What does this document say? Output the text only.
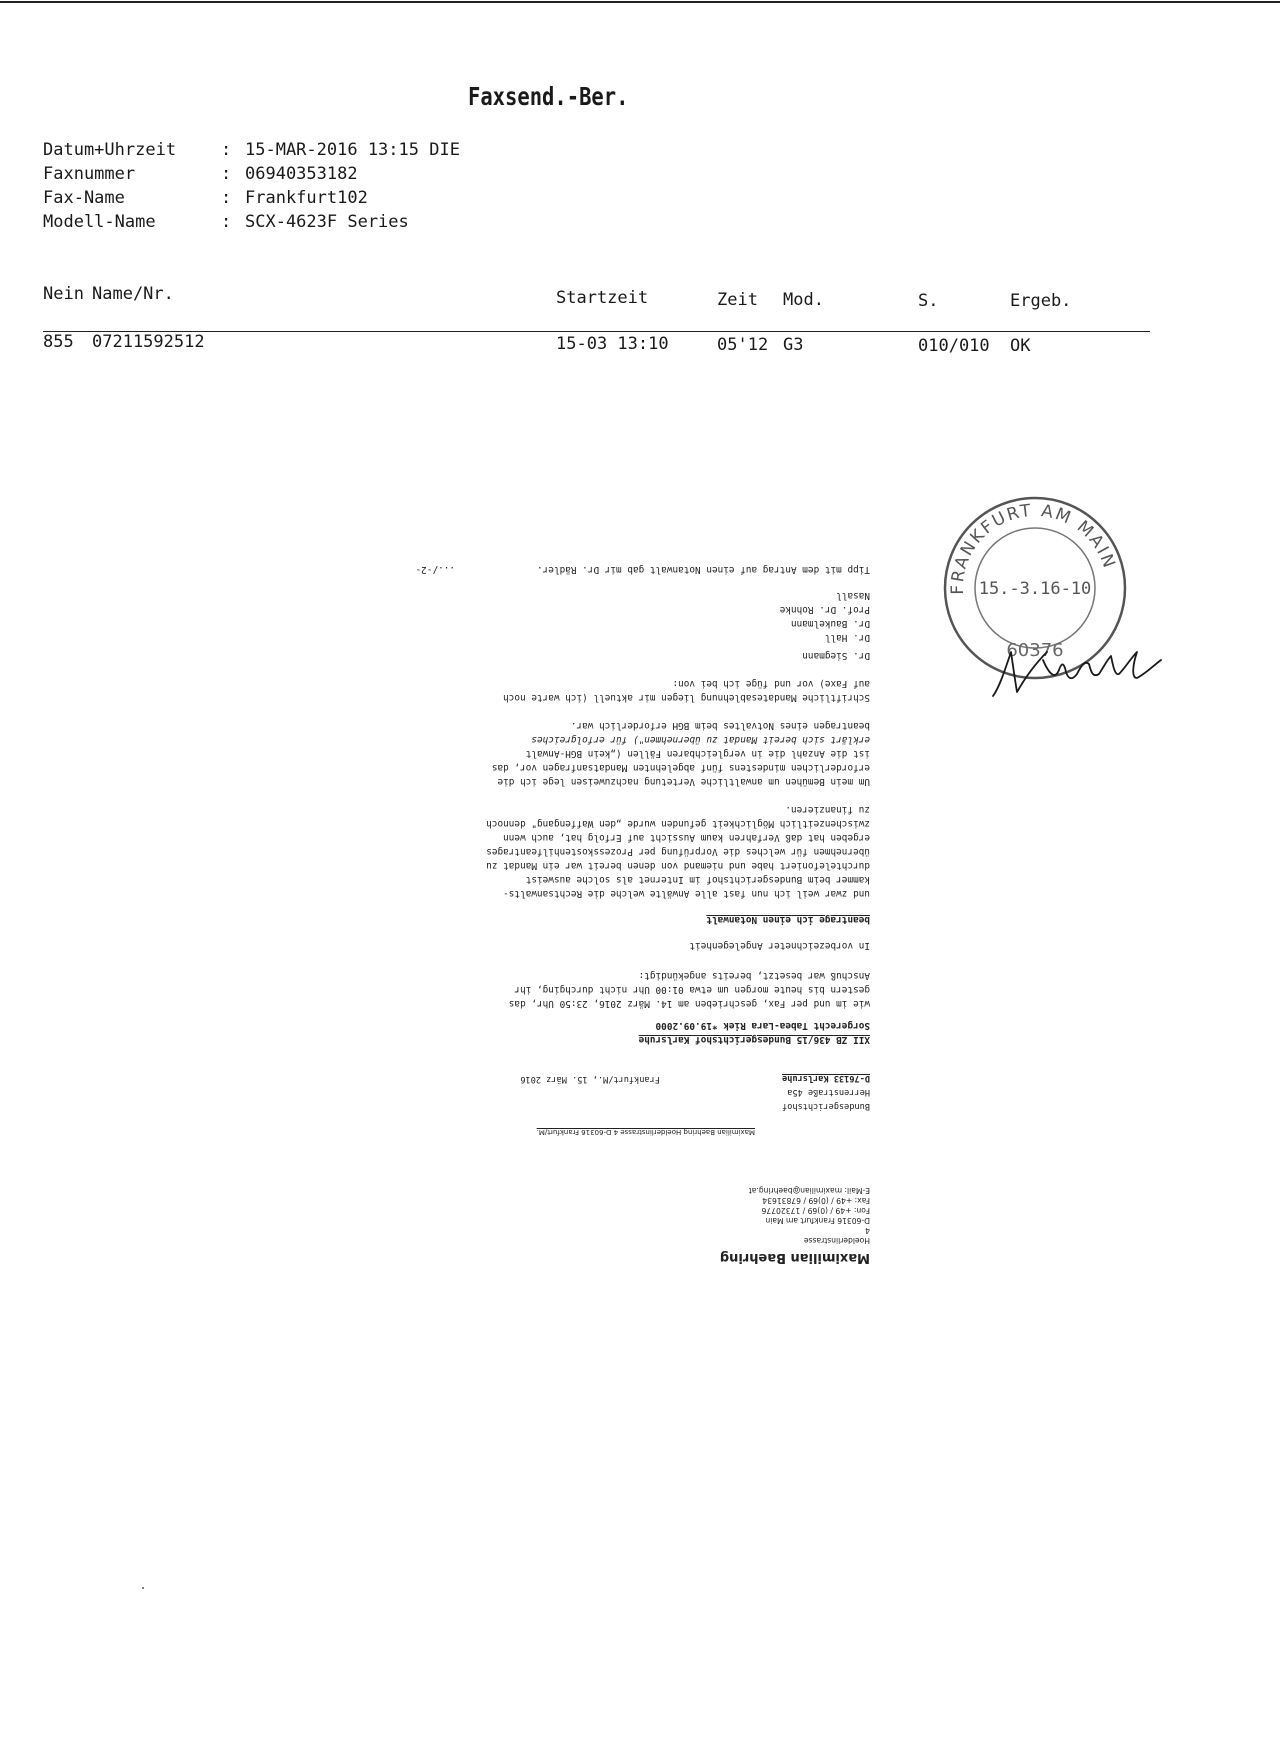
Faxsend.-Ber.
Datum+Uhrzeit	: 15-MAR-2016 13:15 DIE
Faxnummer	: 06940353182
Fax-Name	: Frankfurt102
Modell-Name	: SCX-4623F Series
Nein Name/Nr.	Startzeit	Zeit Mod.	S.	Ergeb.
855 07211592512	15-03 13:10	05'12 G3	010/010 OK
Maximilian Baehring
Hoelderlinstrasse
4
D-60316 Frankfurt am Main
Fon: +49 / (0)69 / 17320776
Fax: +49 / (0)69 / 67831634
E-Mail: maximilian@baehring.at
Maximilian Baehring Hoelderlinstrasse 4 D-60316 Frankfurt/M.
Bundesgerichtshof
Herrenstraße 45a
D-76133 Karlsruhe
Frankfurt/M., 15. März 2016
XII ZB 436/15 Bundesgerichtshof Karlsruhe
Sorgerecht Tabea-Lara Riek *19.09.2000
wie im und per Fax, geschrieben am 14. März 2016, 23:50 Uhr, das
gestern bis heute morgen um etwa 01:00 Uhr nicht durchging, ihr
Anschuß war besetzt, bereits angekündigt:
In vorbezeichneter Angelegenheit
beantrage ich einen Notanwalt
und zwar weil ich nun fast alle Anwälte welche die Rechtsanwalts-
kammer beim Bundesgerichtshof im Internet als solche ausweist
durchtelefoniert habe und niemand von denen bereit war ein Mandat zu
übernehmen für welches die Vorprüfung per Prozesskostenhilfeantrages
ergeben hat daß Verfahren kaum Aussicht auf Erfolg hat, auch wenn
zwischenzeitlich Möglichkeit gefunden wurde „den Waffengang" dennoch
zu finanzieren.
Um mein Bemühen um anwaltliche Vertetung nachzuweisen lege ich die
erforderlichen mindestens fünf abgelehnten Mandatsanfragen vor, das
ist die Anzahl die in vergleichbaren Fällen („kein BGH-Anwalt
erklärt sich bereit Mandat zu übernehmen") für erfolgreiches
beantragen eines Notvaltes beim BGH erforderlich war.
Schriftliche Mandatesablehnung liegen mir aktuell (ich warte noch
auf Faxe) vor und füge ich bei von:
Dr. Siegmann
Dr. Hall
Dr. Baukelmann
Prof. Dr. Rohnke
Nasall
Tipp mit dem Antrag auf einen Notanwalt gab mir Dr. Rädler.
.../-2-
FRANKFURT AM MAIN
15.-3.16-10
60376
